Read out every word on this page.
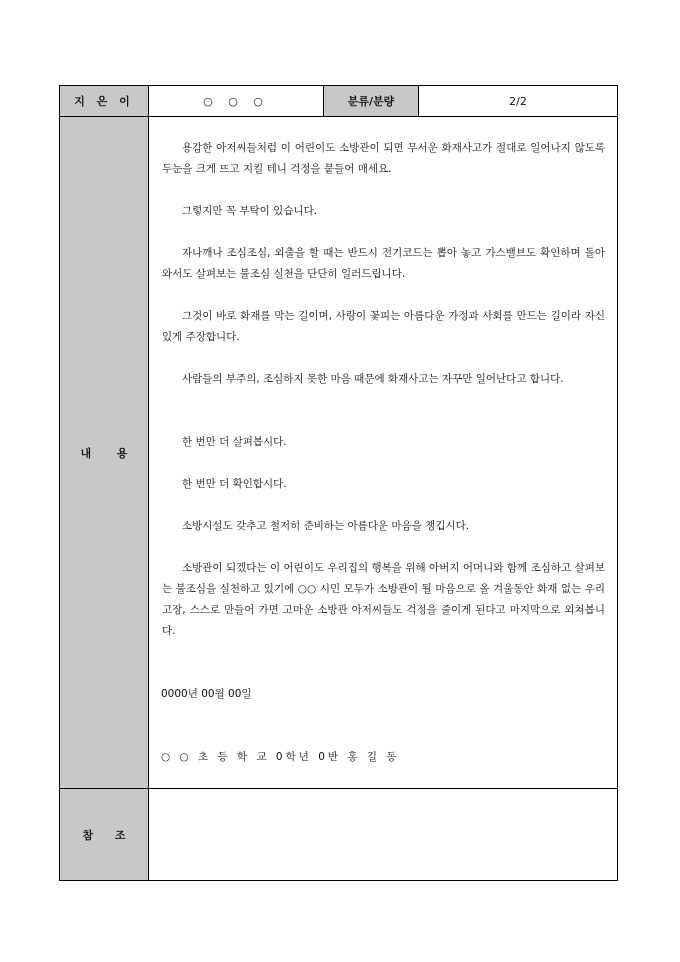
지 은 이	○ ○ ○	분류/분량	2/2
내 용

용감한 아저씨들처럼 이 어린이도 소방관이 되면 무서운 화재사고가 절대로 일어나지 않도록 두눈을 크게 뜨고 지킬 테니 걱정을 붙들어 매세요.

그렇지만 꼭 부탁이 있습니다.

자나깨나 조심조심, 외출을 할 때는 반드시 전기코드는 뽑아 놓고 가스밸브도 확인하며 돌아와서도 살펴보는 불조심 실천을 단단히 일러드립니다.

그것이 바로 화재를 막는 길이며, 사랑이 꽃피는 아름다운 가정과 사회를 만드는 길이라 자신 있게 주장합니다.

사람들의 부주의, 조심하지 못한 마음 때문에 화재사고는 자꾸만 일어난다고 합니다.

한 번만 더 살펴봅시다.

한 번만 더 확인합시다.

소방시설도 갖추고 철저히 준비하는 아름다운 마음을 챙깁시다.

소방관이 되겠다는 이 어린이도 우리집의 행복을 위해 아버지 어머니와 함께 조심하고 살펴보는 불조심을 실천하고 있기에 ○○ 시민 모두가 소방관이 될 마음으로 올 겨울동안 화재 없는 우리 고장, 스스로 만들어 가면 고마운 소방관 아저씨들도 걱정을 줄이게 된다고 마지막으로 외쳐봅니다.

0000년 00월 00일

○ ○ 초 등 학 교 0학년 0반 홍 길 동

참 조
